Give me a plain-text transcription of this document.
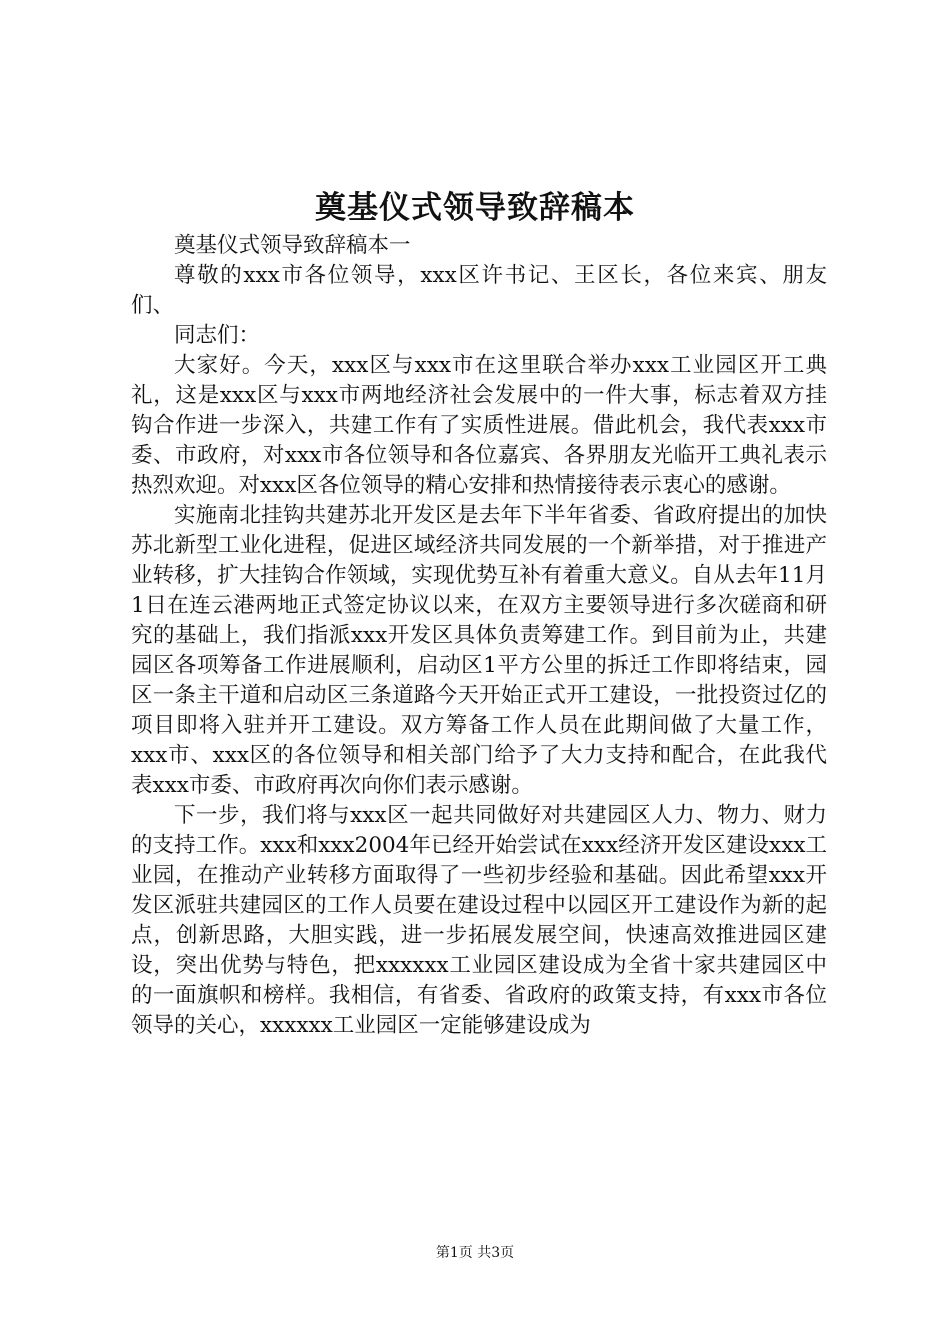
奠基仪式领导致辞稿本

奠基仪式领导致辞稿本一

尊敬的xxx市各位领导，xxx区许书记、王区长，各位来宾、朋友们、

同志们：

大家好。今天，xxx区与xxx市在这里联合举办xxx工业园区开工典礼，这是xxx区与xxx市两地经济社会发展中的一件大事，标志着双方挂钩合作进一步深入，共建工作有了实质性进展。借此机会，我代表xxx市委、市政府，对xxx市各位领导和各位嘉宾、各界朋友光临开工典礼表示热烈欢迎。对xxx区各位领导的精心安排和热情接待表示衷心的感谢。

实施南北挂钩共建苏北开发区是去年下半年省委、省政府提出的加快苏北新型工业化进程，促进区域经济共同发展的一个新举措，对于推进产业转移，扩大挂钩合作领域，实现优势互补有着重大意义。自从去年11月1日在连云港两地正式签定协议以来，在双方主要领导进行多次磋商和研究的基础上，我们指派xxx开发区具体负责筹建工作。到目前为止，共建园区各项筹备工作进展顺利，启动区1平方公里的拆迁工作即将结束，园区一条主干道和启动区三条道路今天开始正式开工建设，一批投资过亿的项目即将入驻并开工建设。双方筹备工作人员在此期间做了大量工作，xxx市、xxx区的各位领导和相关部门给予了大力支持和配合，在此我代表xxx市委、市政府再次向你们表示感谢。

下一步，我们将与xxx区一起共同做好对共建园区人力、物力、财力的支持工作。xxx和xxx2004年已经开始尝试在xxx经济开发区建设xxx工业园，在推动产业转移方面取得了一些初步经验和基础。因此希望xxx开发区派驻共建园区的工作人员要在建设过程中以园区开工建设作为新的起点，创新思路，大胆实践，进一步拓展发展空间，快速高效推进园区建设，突出优势与特色，把xxxxxx工业园区建设成为全省十家共建园区中的一面旗帜和榜样。我相信，有省委、省政府的政策支持，有xxx市各位领导的关心，xxxxxx工业园区一定能够建设成为

第1页 共3页
